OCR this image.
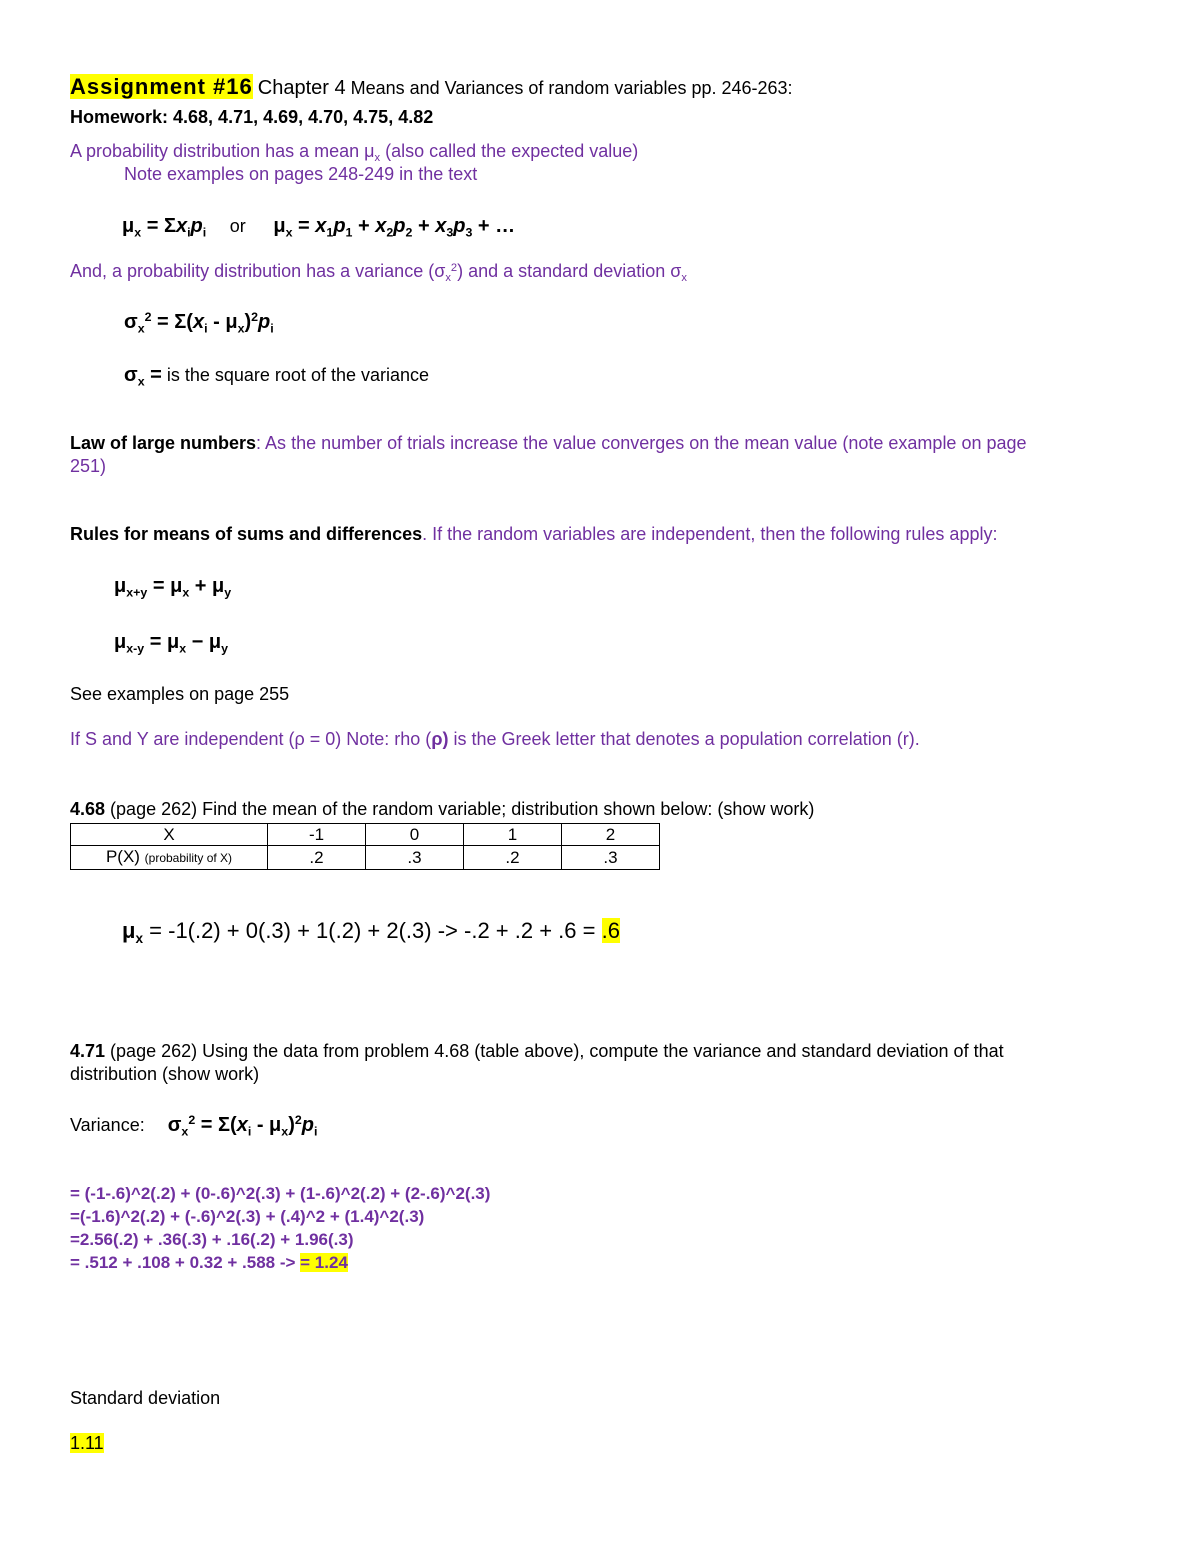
Assignment #16 Chapter 4 Means and Variances of random variables pp. 246-263:
Homework: 4.68, 4.71, 4.69, 4.70, 4.75, 4.82
A probability distribution has a mean $\mu_x$ (also called the expected value)
Note examples on pages 248-249 in the text
$\mu_x = \Sigma x_ip_i$ or $\mu_x = x_1p_1 + x_2p_2 + x_3p_3$ + …
And, a probability distribution has a variance $(\sigma_x^2)$ and a standard deviation $\sigma_x$
$\sigma_x^2 = \Sigma(x_i - \mu_x)^2p_i$
$\sigma_x$ = is the square root of the variance
Law of large numbers: As the number of trials increase the value converges on the mean value (note example on page
251)
Rules for means of sums and differences. If the random variables are independent, then the following rules apply:
$\mu_{x+y} = \mu_x + \mu_y$
$\mu_{x-y} = \mu_x - \mu_y$
See examples on page 255
If S and Y are independent (ρ = 0) Note: rho (ρ) is the Greek letter that denotes a population correlation (r).
4.68 (page 262) Find the mean of the random variable; distribution shown below: (show work)
X	-1	0	1	2
P(X) (probability of X)	.2	.3	.2	.3
$\mu_x = -1(.2) + 0(.3) + 1(.2) + 2(.3) -> -.2 + .2 + .6 = .6$
4.71 (page 262) Using the data from problem 4.68 (table above), compute the variance and standard deviation of that
distribution (show work)
Variance: $\sigma_x^2 = \Sigma(x_i - \mu_x)^2p_i$
= (-1-.6)^2(.2) + (0-.6)^2(.3) + (1-.6)^2(.2) + (2-.6)^2(.3)
=(-1.6)^2(.2) + (-.6)^2(.3) + (.4)^2 + (1.4)^2(.3)
=2.56(.2) + .36(.3) + .16(.2) + 1.96(.3)
= .512 + .108 + 0.32 + .588 -> = 1.24
Standard deviation
1.11
